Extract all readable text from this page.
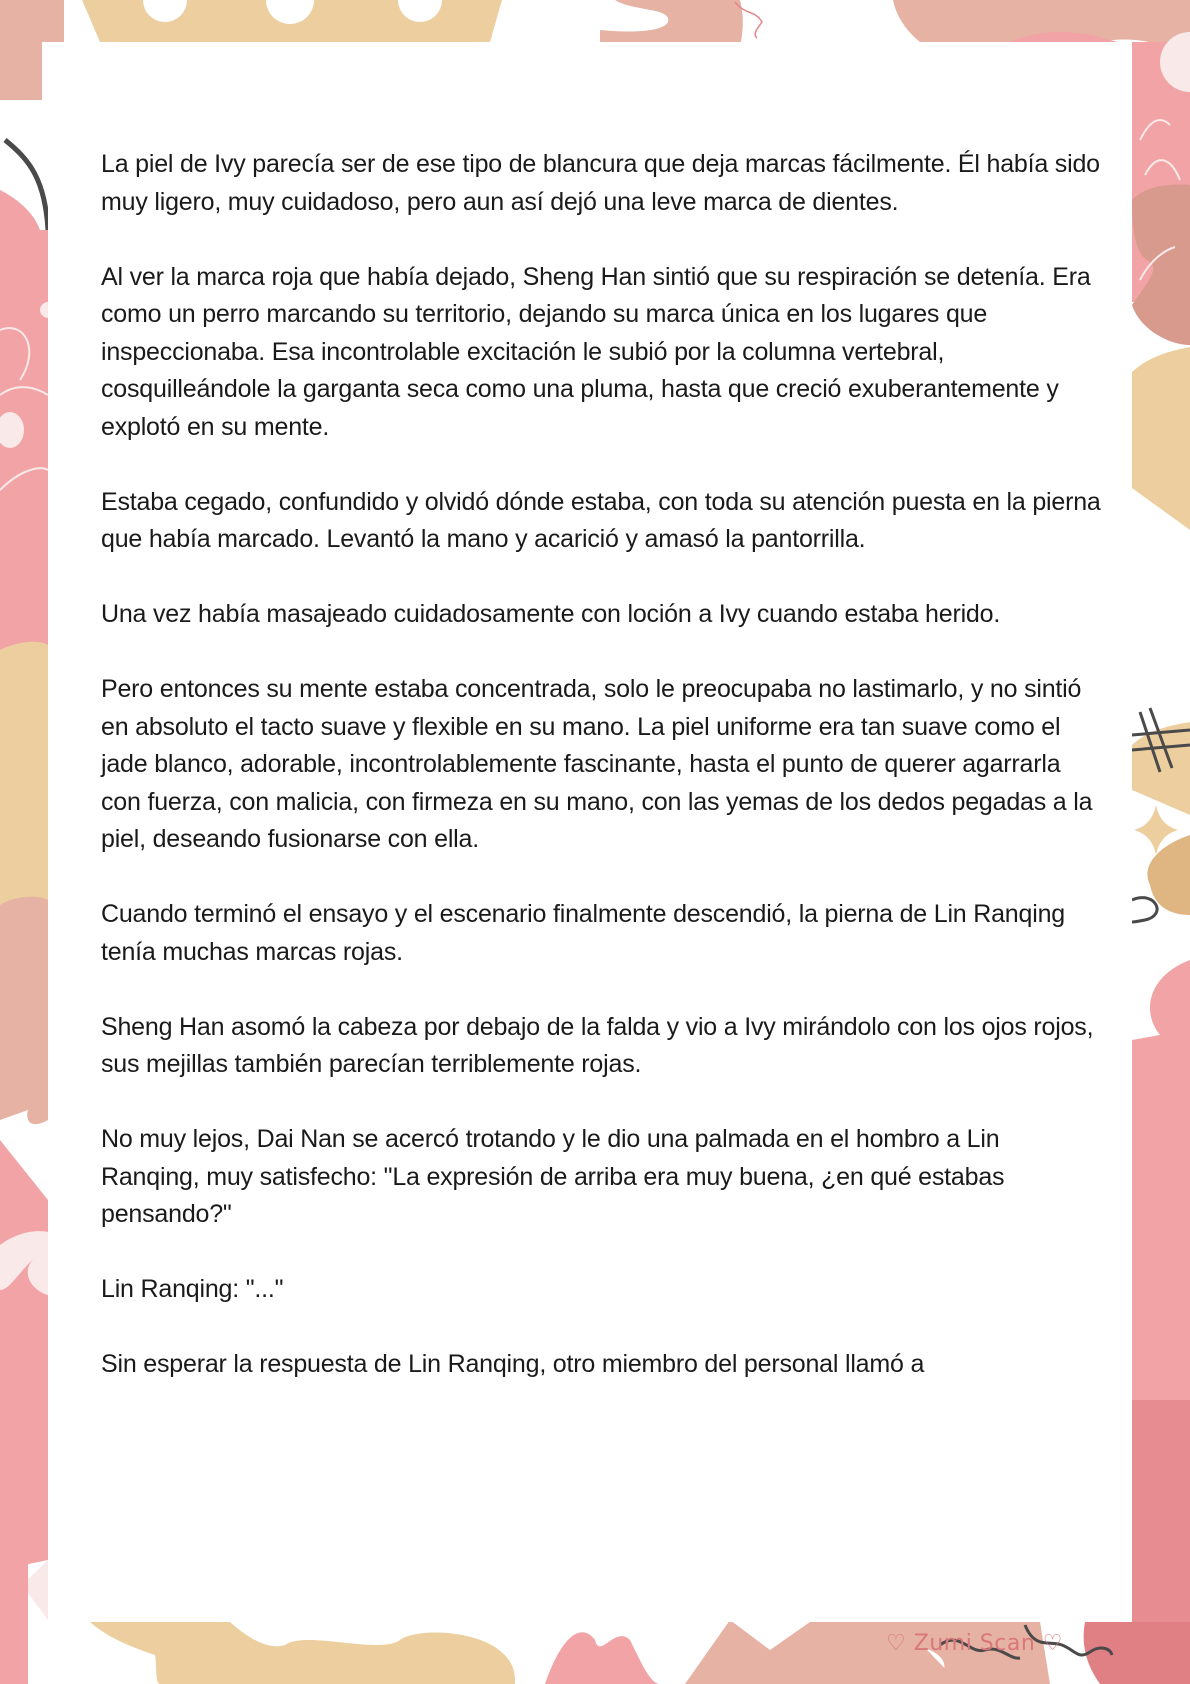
La piel de Ivy parecía ser de ese tipo de blancura que deja marcas fácilmente. Él había sido muy ligero, muy cuidadoso, pero aun así dejó una leve marca de dientes.

Al ver la marca roja que había dejado, Sheng Han sintió que su respiración se detenía. Era como un perro marcando su territorio, dejando su marca única en los lugares que inspeccionaba. Esa incontrolable excitación le subió por la columna vertebral, cosquilleándole la garganta seca como una pluma, hasta que creció exuberantemente y explotó en su mente.

Estaba cegado, confundido y olvidó dónde estaba, con toda su atención puesta en la pierna que había marcado. Levantó la mano y acarició y amasó la pantorrilla.

Una vez había masajeado cuidadosamente con loción a Ivy cuando estaba herido.

Pero entonces su mente estaba concentrada, solo le preocupaba no lastimarlo, y no sintió en absoluto el tacto suave y flexible en su mano. La piel uniforme era tan suave como el jade blanco, adorable, incontrolablemente fascinante, hasta el punto de querer agarrarla con fuerza, con malicia, con firmeza en su mano, con las yemas de los dedos pegadas a la piel, deseando fusionarse con ella.

Cuando terminó el ensayo y el escenario finalmente descendió, la pierna de Lin Ranqing tenía muchas marcas rojas.

Sheng Han asomó la cabeza por debajo de la falda y vio a Ivy mirándolo con los ojos rojos, sus mejillas también parecían terriblemente rojas.

No muy lejos, Dai Nan se acercó trotando y le dio una palmada en el hombro a Lin Ranqing, muy satisfecho: "La expresión de arriba era muy buena, ¿en qué estabas pensando?"

Lin Ranqing: "..."

Sin esperar la respuesta de Lin Ranqing, otro miembro del personal llamó a

♡ Zumi Scan ♡
